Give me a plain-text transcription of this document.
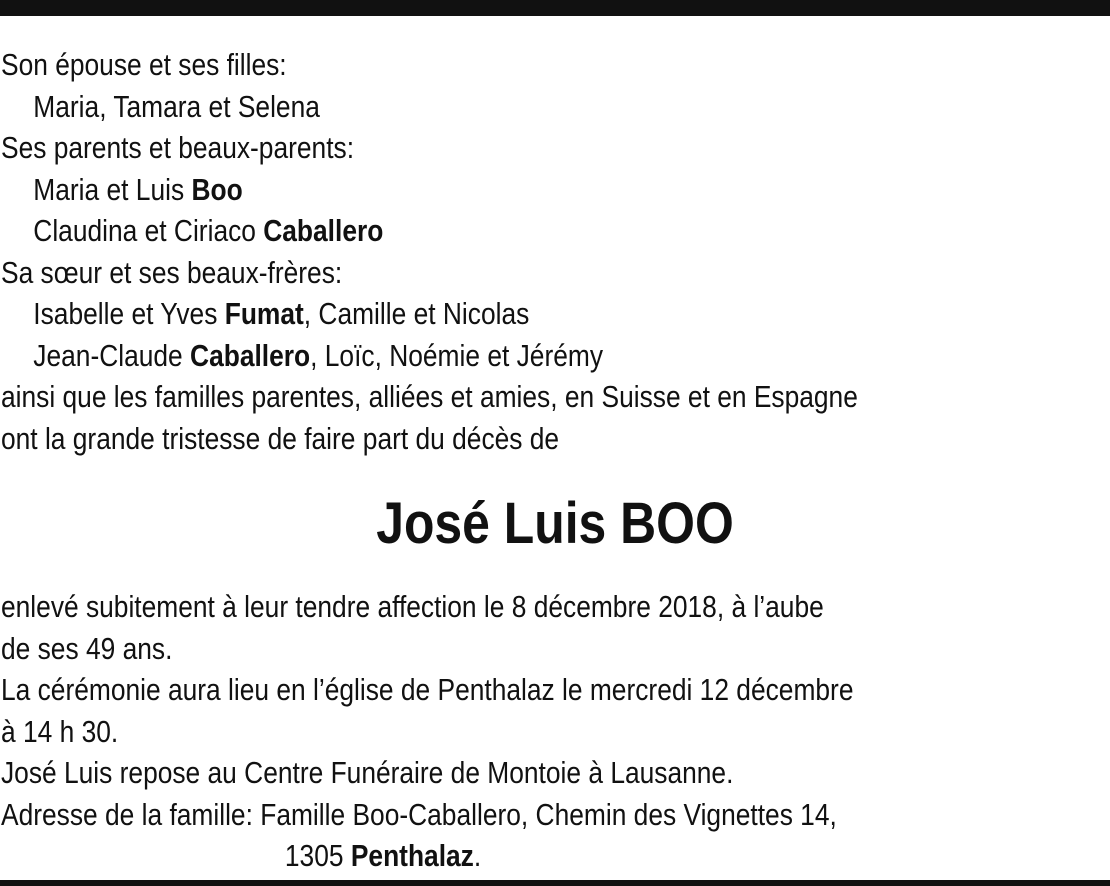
Son épouse et ses filles:
Maria, Tamara et Selena
Ses parents et beaux-parents:
Maria et Luis Boo
Claudina et Ciriaco Caballero
Sa sœur et ses beaux-frères:
Isabelle et Yves Fumat, Camille et Nicolas
Jean-Claude Caballero, Loïc, Noémie et Jérémy
ainsi que les familles parentes, alliées et amies, en Suisse et en Espagne
ont la grande tristesse de faire part du décès de
José Luis BOO
enlevé subitement à leur tendre affection le 8 décembre 2018, à l’aube
de ses 49 ans.
La cérémonie aura lieu en l’église de Penthalaz le mercredi 12 décembre
à 14 h 30.
José Luis repose au Centre Funéraire de Montoie à Lausanne.
Adresse de la famille: Famille Boo-Caballero, Chemin des Vignettes 14,
1305 Penthalaz.
